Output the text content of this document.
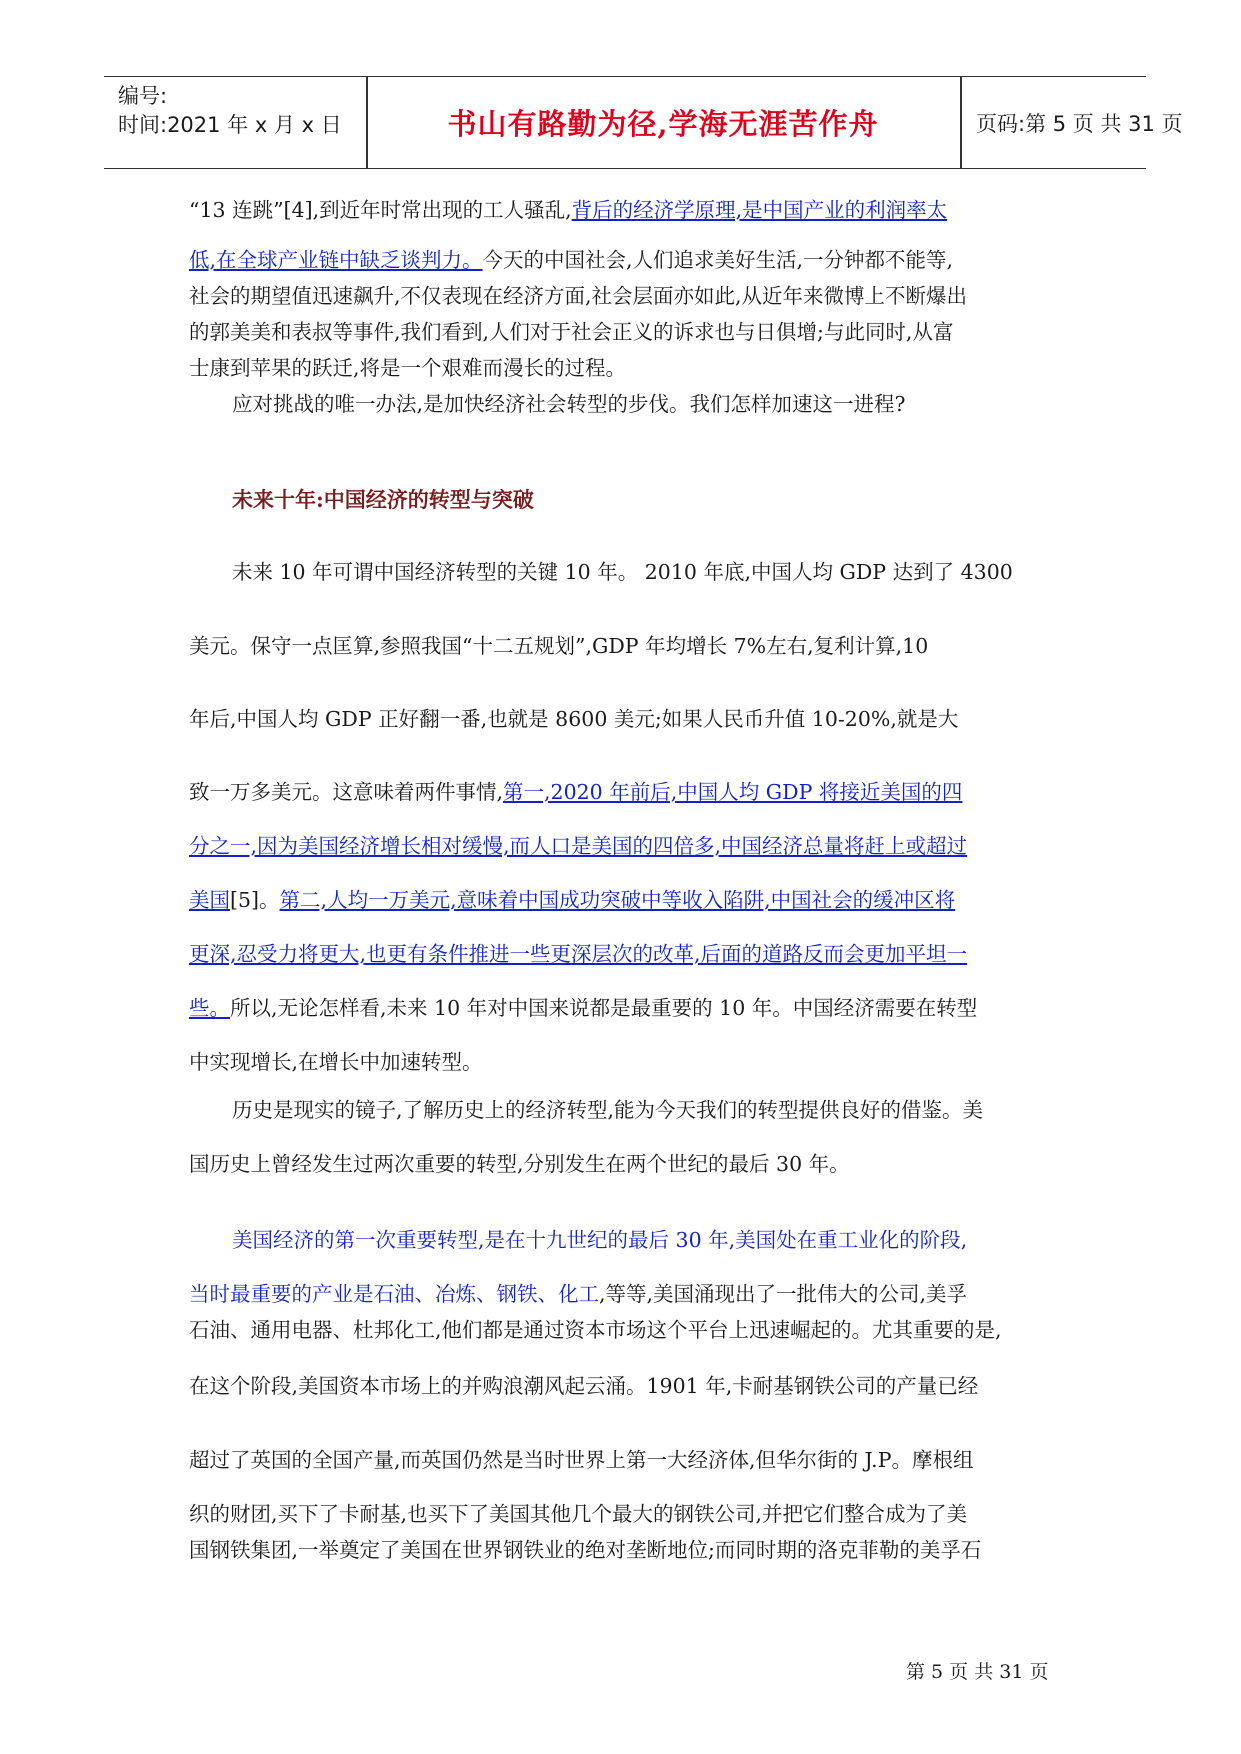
编号:
时间:2021 年 x 月 x 日	书山有路勤为径,学海无涯苦作舟	页码:第 5 页 共 31 页
“13 连跳”[4],到近年时常出现的工人骚乱,背后的经济学原理,是中国产业的利润率太
低,在全球产业链中缺乏谈判力。今天的中国社会,人们追求美好生活,一分钟都不能等,
社会的期望值迅速飙升,不仅表现在经济方面,社会层面亦如此,从近年来微博上不断爆出
的郭美美和表叔等事件,我们看到,人们对于社会正义的诉求也与日俱增;与此同时,从富
士康到苹果的跃迁,将是一个艰难而漫长的过程。
应对挑战的唯一办法,是加快经济社会转型的步伐。我们怎样加速这一进程?
未来十年:中国经济的转型与突破
未来 10 年可谓中国经济转型的关键 10 年。 2010 年底,中国人均 GDP 达到了 4300
美元。保守一点匡算,参照我国“十二五规划”,GDP 年均增长 7%左右,复利计算,10
年后,中国人均 GDP 正好翻一番,也就是 8600 美元;如果人民币升值 10-20%,就是大
致一万多美元。这意味着两件事情,第一,2020 年前后,中国人均 GDP 将接近美国的四
分之一,因为美国经济增长相对缓慢,而人口是美国的四倍多,中国经济总量将赶上或超过
美国[5]。第二,人均一万美元,意味着中国成功突破中等收入陷阱,中国社会的缓冲区将
更深,忍受力将更大,也更有条件推进一些更深层次的改革,后面的道路反而会更加平坦一
些。所以,无论怎样看,未来 10 年对中国来说都是最重要的 10 年。中国经济需要在转型
中实现增长,在增长中加速转型。
历史是现实的镜子,了解历史上的经济转型,能为今天我们的转型提供良好的借鉴。美
国历史上曾经发生过两次重要的转型,分别发生在两个世纪的最后 30 年。
美国经济的第一次重要转型,是在十九世纪的最后 30 年,美国处在重工业化的阶段,
当时最重要的产业是石油、冶炼、钢铁、化工,等等,美国涌现出了一批伟大的公司,美孚
石油、通用电器、杜邦化工,他们都是通过资本市场这个平台上迅速崛起的。尤其重要的是,
在这个阶段,美国资本市场上的并购浪潮风起云涌。1901 年,卡耐基钢铁公司的产量已经
超过了英国的全国产量,而英国仍然是当时世界上第一大经济体,但华尔街的 J.P。摩根组
织的财团,买下了卡耐基,也买下了美国其他几个最大的钢铁公司,并把它们整合成为了美
国钢铁集团,一举奠定了美国在世界钢铁业的绝对垄断地位;而同时期的洛克菲勒的美孚石
第 5 页 共 31 页
